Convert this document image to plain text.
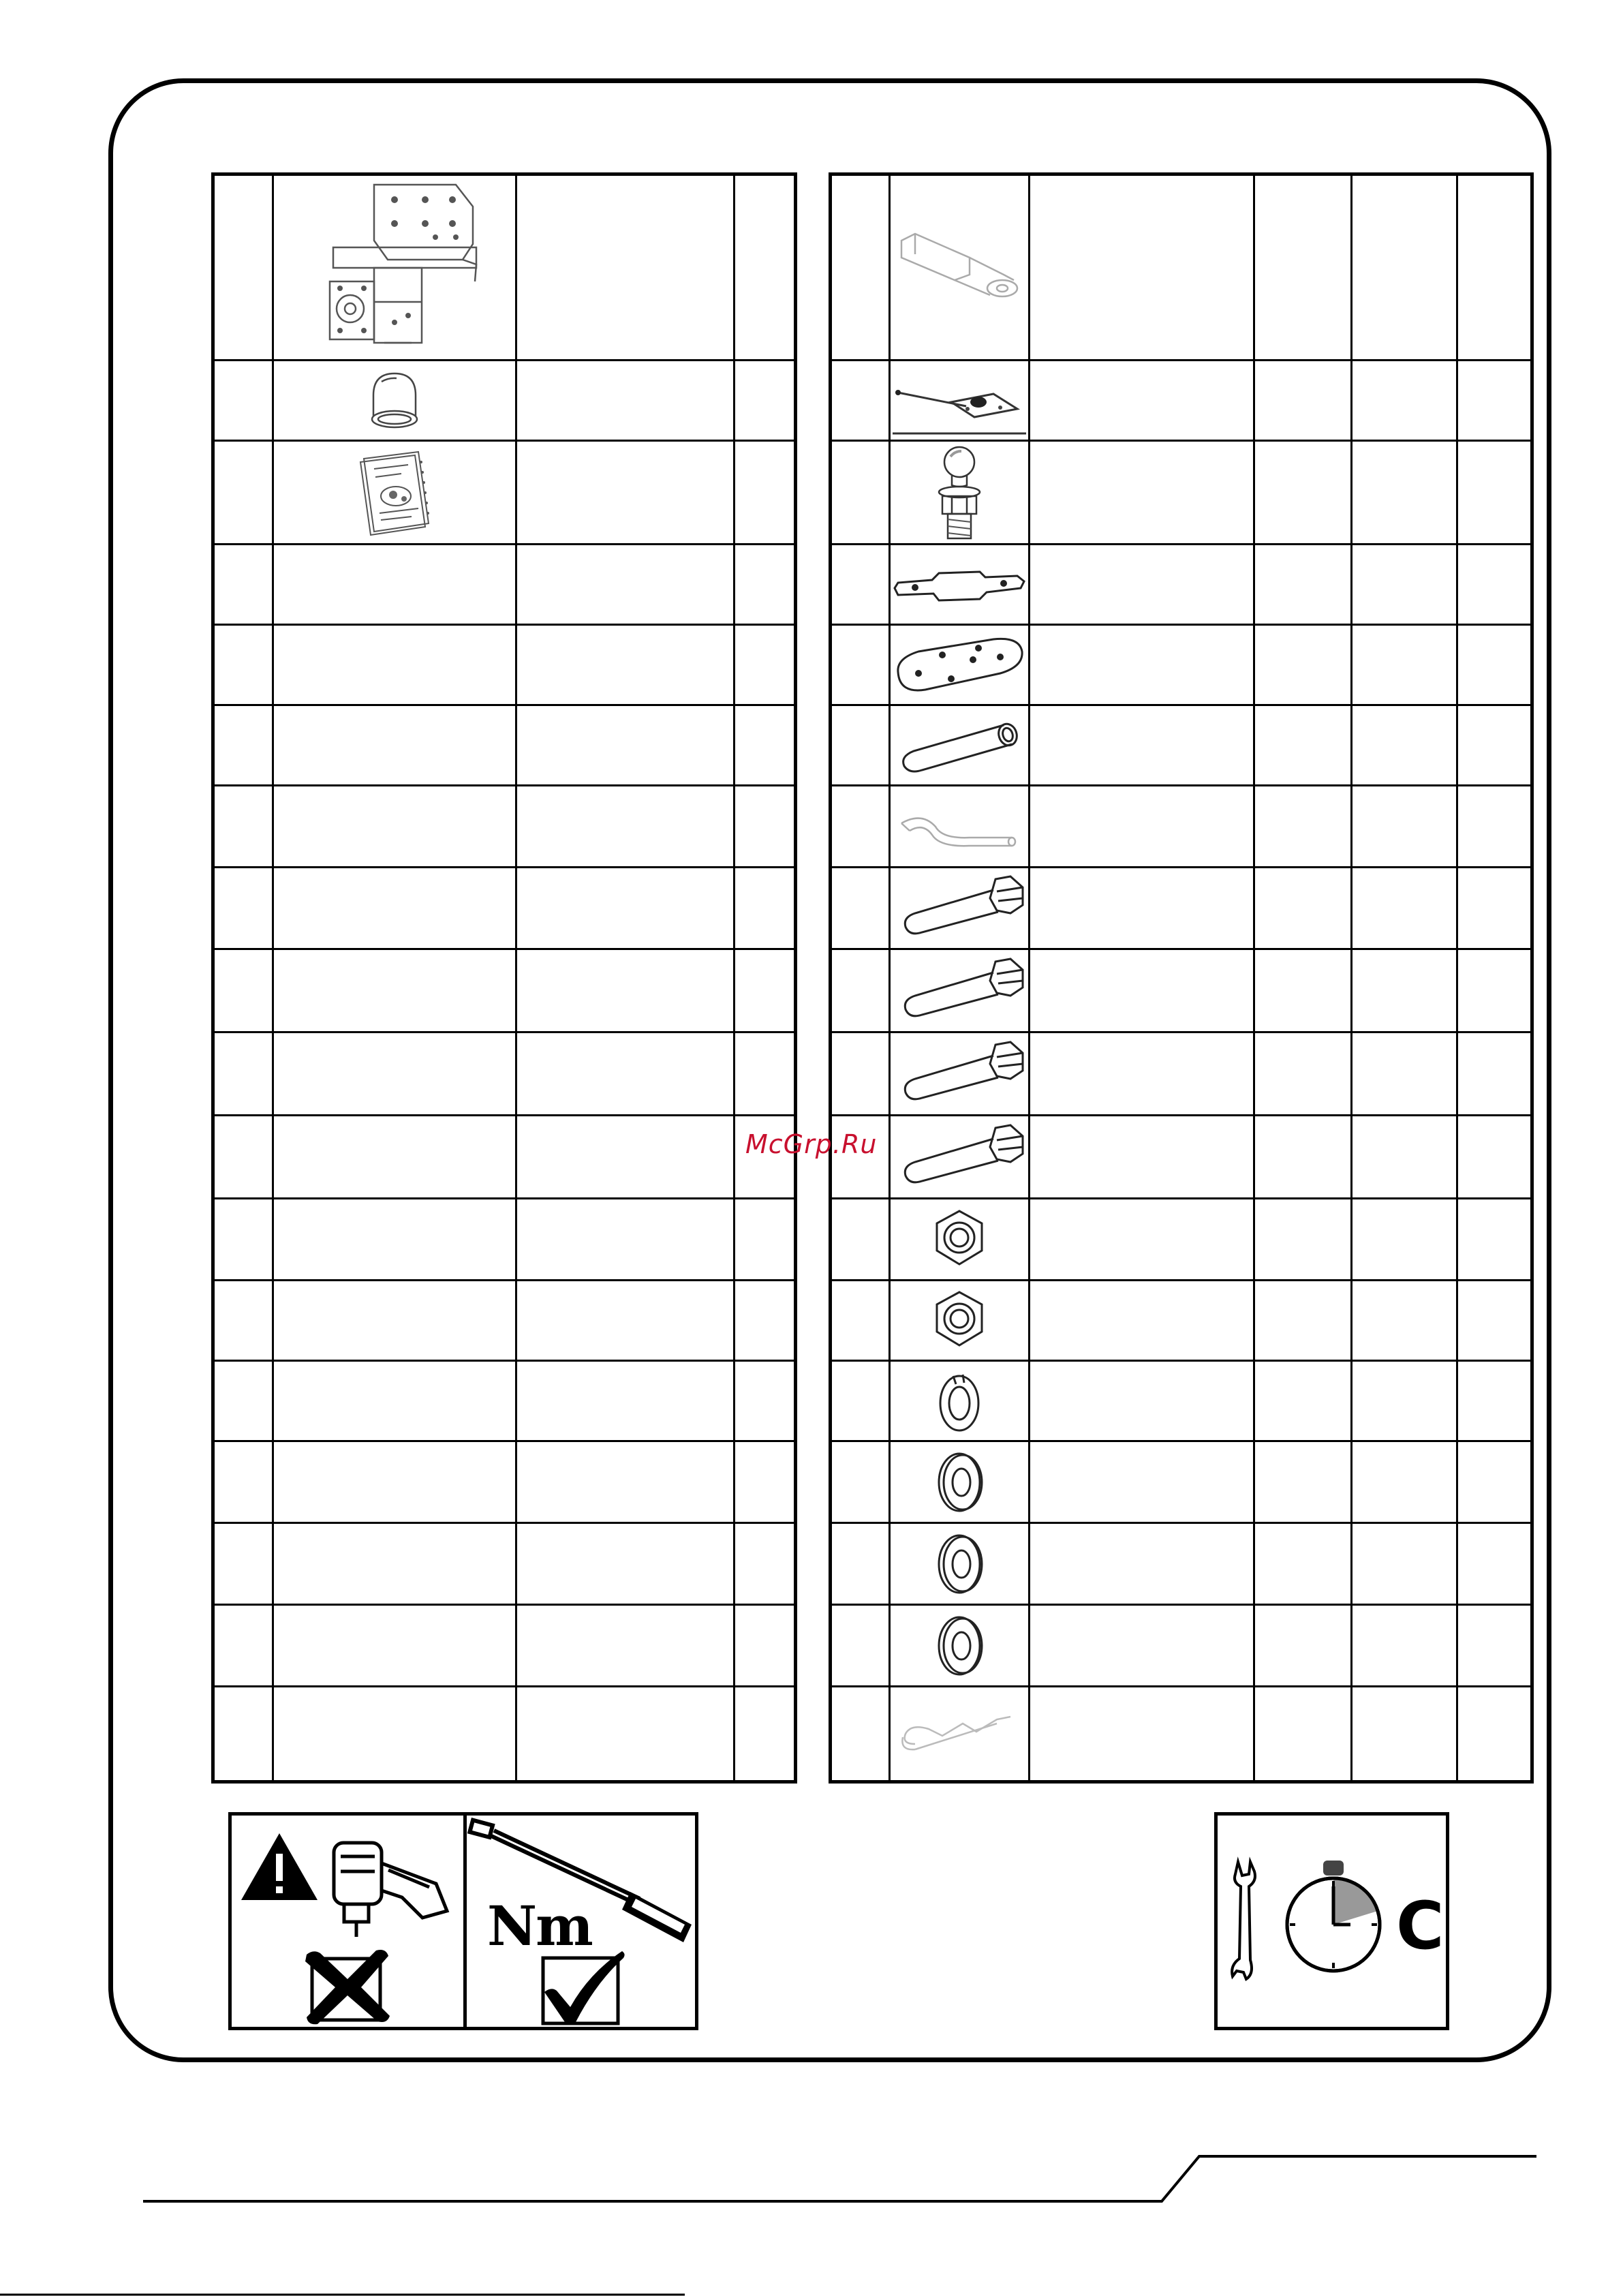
McGrp.Ru
Nm	C
